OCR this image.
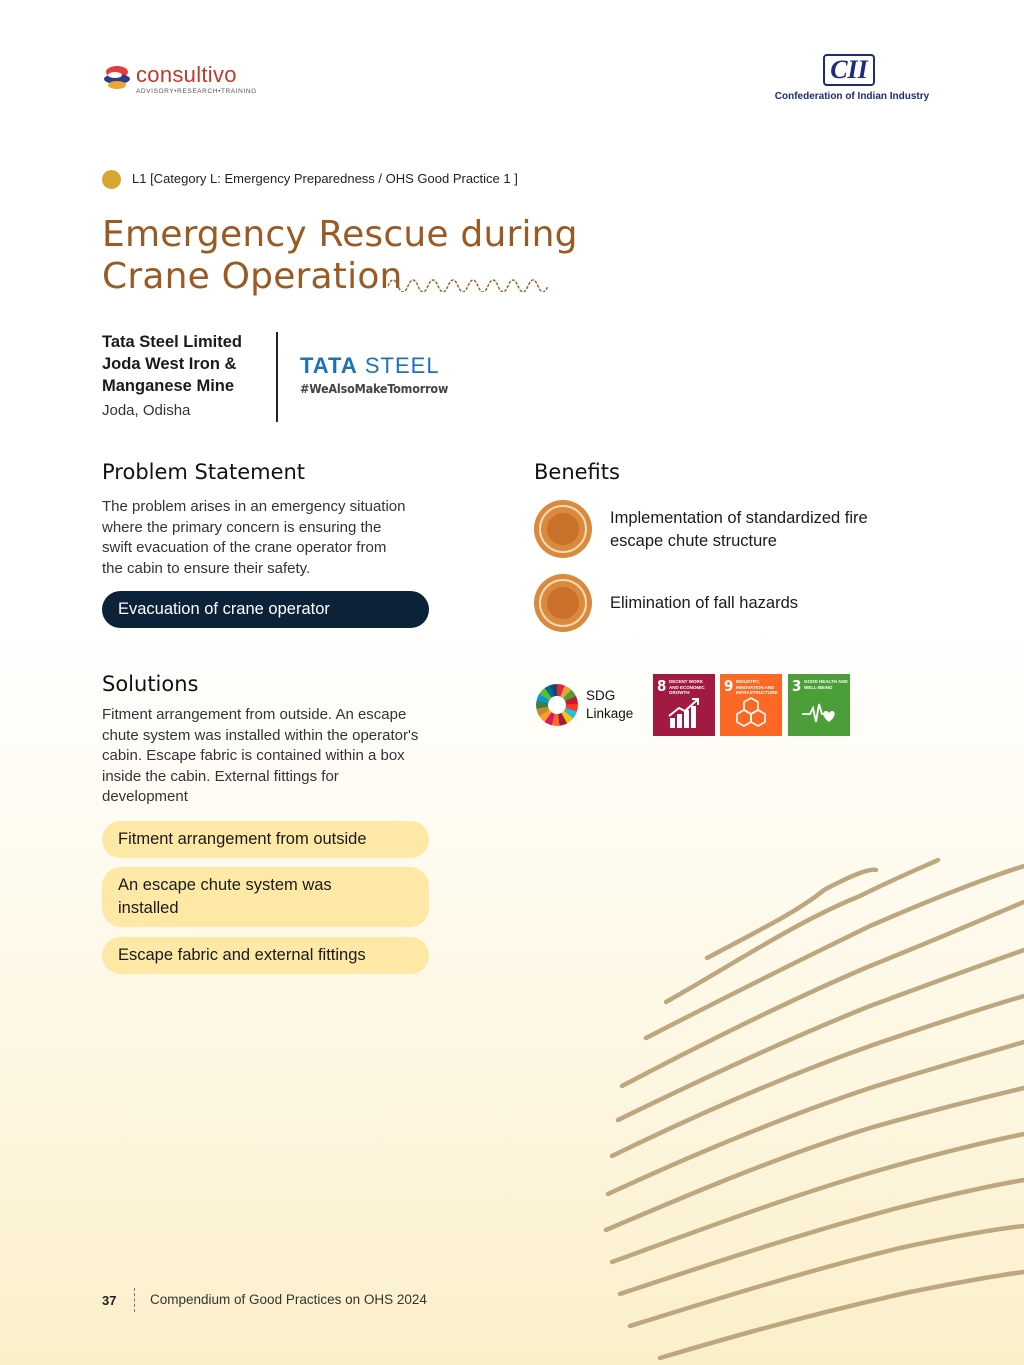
consultivo
ADVISORY•RESEARCH•TRAINING
CII
Confederation of Indian Industry
L1 [Category L: Emergency Preparedness / OHS Good Practice 1 ]
Emergency Rescue during
Crane Operation
Tata Steel Limited
Joda West Iron &
Manganese Mine
Joda, Odisha
TATA STEEL
#WeAlsoMakeTomorrow
Problem Statement
The problem arises in an emergency situation
where the primary concern is ensuring the
swift evacuation of the crane operator from
the cabin to ensure their safety.
Evacuation of crane operator
Benefits
Implementation of standardized fire
escape chute structure
Elimination of fall hazards
SDG
Linkage
8 DECENT WORK AND ECONOMIC GROWTH	9 INDUSTRY, INNOVATION AND INFRASTRUCTURE 3 GOOD HEALTH AND WELL-BEING
Solutions
Fitment arrangement from outside. An escape
chute system was installed within the operator's
cabin. Escape fabric is contained within a box
inside the cabin. External fittings for
development
Fitment arrangement from outside
An escape chute system was
installed
Escape fabric and external fittings
37 Compendium of Good Practices on OHS 2024
